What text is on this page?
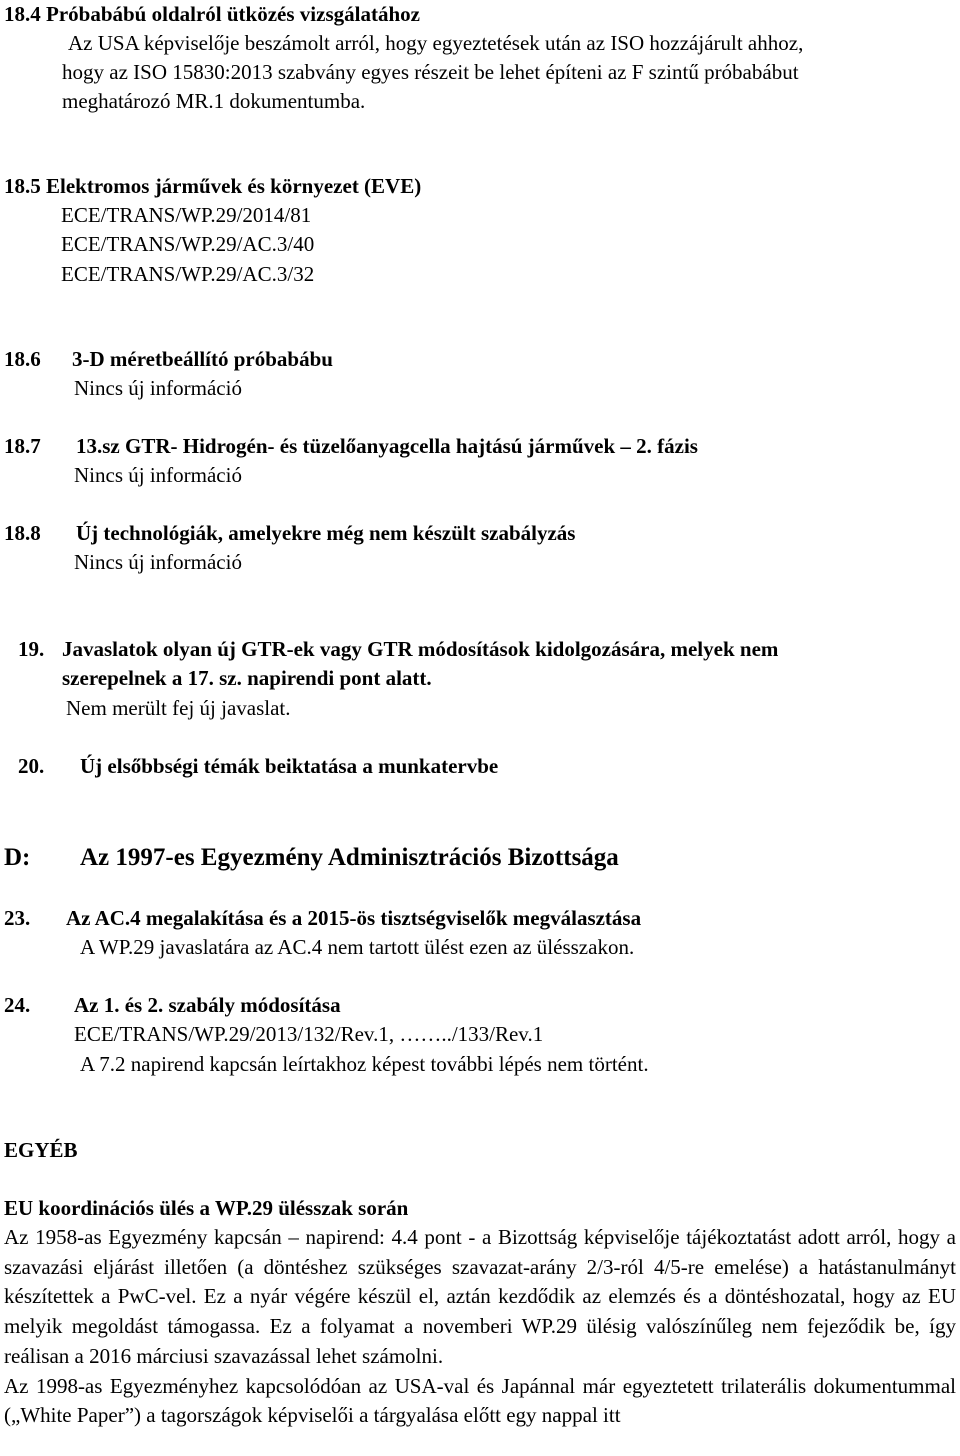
18.4 Próbabábú oldalról ütközés vizsgálatához
Az USA képviselője beszámolt arról, hogy egyeztetések után az ISO hozzájárult ahhoz,
hogy az ISO 15830:2013 szabvány egyes részeit be lehet építeni az F szintű próbabábut
meghatározó MR.1 dokumentumba.
18.5 Elektromos járművek és környezet (EVE)
ECE/TRANS/WP.29/2014/81
ECE/TRANS/WP.29/AC.3/40
ECE/TRANS/WP.29/AC.3/32
18.6 3-D méretbeállító próbabábu
Nincs új információ
18.7 13.sz GTR- Hidrogén- és tüzelőanyagcella hajtású járművek – 2. fázis
Nincs új információ
18.8 Új technológiák, amelyekre még nem készült szabályzás
Nincs új információ
19. Javaslatok olyan új GTR-ek vagy GTR módosítások kidolgozására, melyek nem
szerepelnek a 17. sz. napirendi pont alatt.
Nem merült fej új javaslat.
20. Új elsőbbségi témák beiktatása a munkatervbe
D: Az 1997-es Egyezmény Adminisztrációs Bizottsága
23. Az AC.4 megalakítása és a 2015-ös tisztségviselők megválasztása
A WP.29 javaslatára az AC.4 nem tartott ülést ezen az ülésszakon.
24. Az 1. és 2. szabály módosítása
ECE/TRANS/WP.29/2013/132/Rev.1, ……../133/Rev.1
A 7.2 napirend kapcsán leírtakhoz képest további lépés nem történt.
EGYÉB
EU koordinációs ülés a WP.29 ülésszak során

Az 1958-as Egyezmény kapcsán – napirend: 4.4 pont - a Bizottság képviselője tájékoztatást adott arról, hogy a szavazási eljárást illetően (a döntéshez szükséges szavazat-arány 2/3-ról 4/5-re emelése) a hatástanulmányt készítettek a PwC-vel. Ez a nyár végére készül el, aztán kezdődik az elemzés és a döntéshozatal, hogy az EU melyik megoldást támogassa. Ez a folyamat a novemberi WP.29 ülésig valószínűleg nem fejeződik be, így reálisan a 2016 márciusi szavazással lehet számolni.

Az 1998-as Egyezményhez kapcsolódóan az USA-val és Japánnal már egyeztetett trilaterális dokumentummal („White Paper”) a tagországok képviselői a tárgyalása előtt egy nappal itt
